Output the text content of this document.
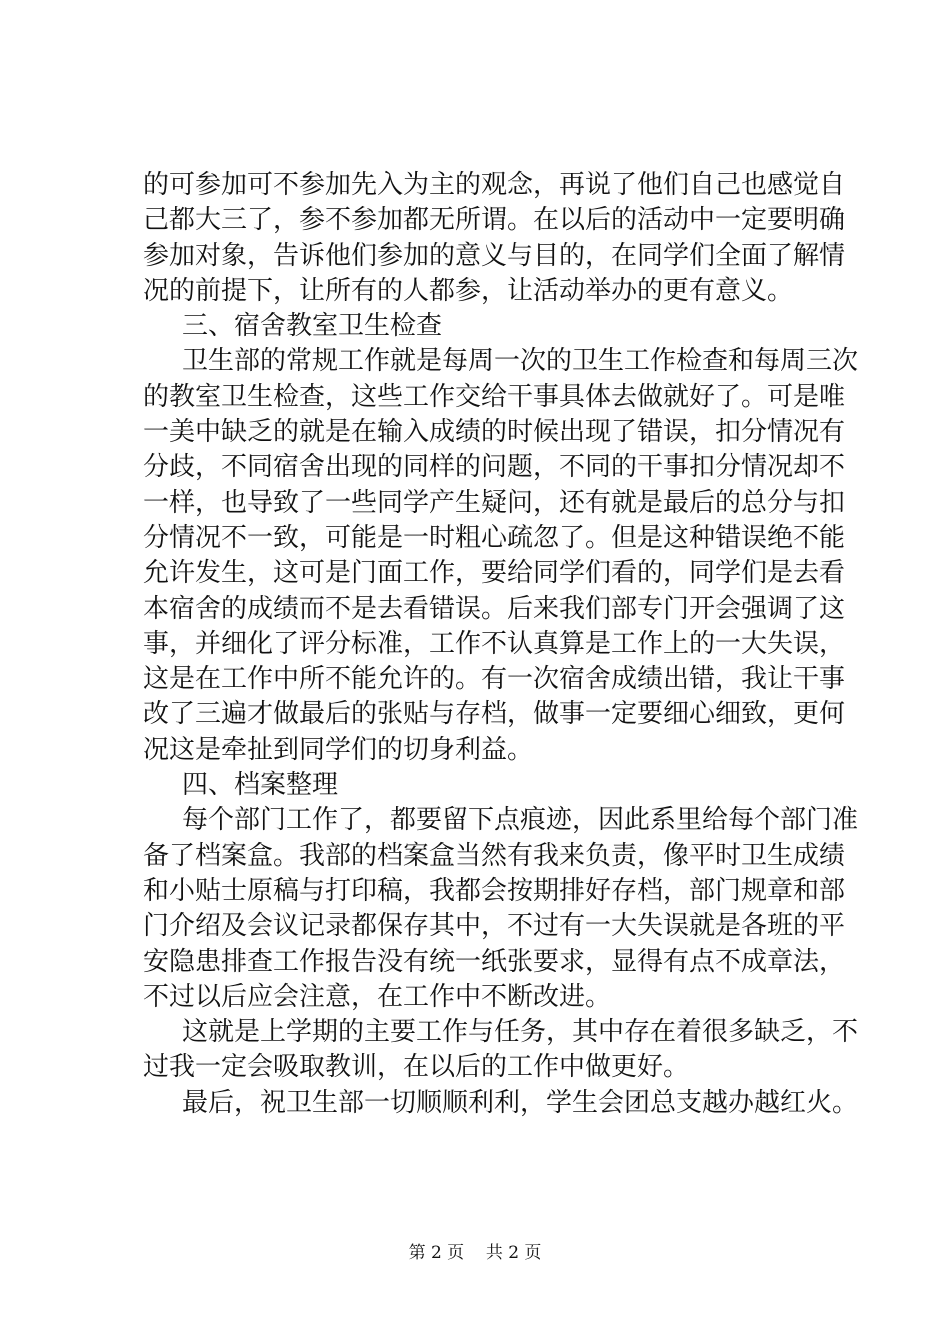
的可参加可不参加先入为主的观念，再说了他们自己也感觉自
己都大三了，参不参加都无所谓。在以后的活动中一定要明确
参加对象，告诉他们参加的意义与目的，在同学们全面了解情
况的前提下，让所有的人都参，让活动举办的更有意义。
三、宿舍教室卫生检查
卫生部的常规工作就是每周一次的卫生工作检查和每周三次
的教室卫生检查，这些工作交给干事具体去做就好了。可是唯
一美中缺乏的就是在输入成绩的时候出现了错误，扣分情况有
分歧，不同宿舍出现的同样的问题，不同的干事扣分情况却不
一样，也导致了一些同学产生疑问，还有就是最后的总分与扣
分情况不一致，可能是一时粗心疏忽了。但是这种错误绝不能
允许发生，这可是门面工作，要给同学们看的，同学们是去看
本宿舍的成绩而不是去看错误。后来我们部专门开会强调了这
事，并细化了评分标准，工作不认真算是工作上的一大失误，
这是在工作中所不能允许的。有一次宿舍成绩出错，我让干事
改了三遍才做最后的张贴与存档，做事一定要细心细致，更何
况这是牵扯到同学们的切身利益。
四、档案整理
每个部门工作了，都要留下点痕迹，因此系里给每个部门准
备了档案盒。我部的档案盒当然有我来负责，像平时卫生成绩
和小贴士原稿与打印稿，我都会按期排好存档，部门规章和部
门介绍及会议记录都保存其中，不过有一大失误就是各班的平
安隐患排查工作报告没有统一纸张要求，显得有点不成章法，
不过以后应会注意，在工作中不断改进。
这就是上学期的主要工作与任务，其中存在着很多缺乏，不
过我一定会吸取教训，在以后的工作中做更好。
最后，祝卫生部一切顺顺利利，学生会团总支越办越红火。
第 2 页 共 2 页
